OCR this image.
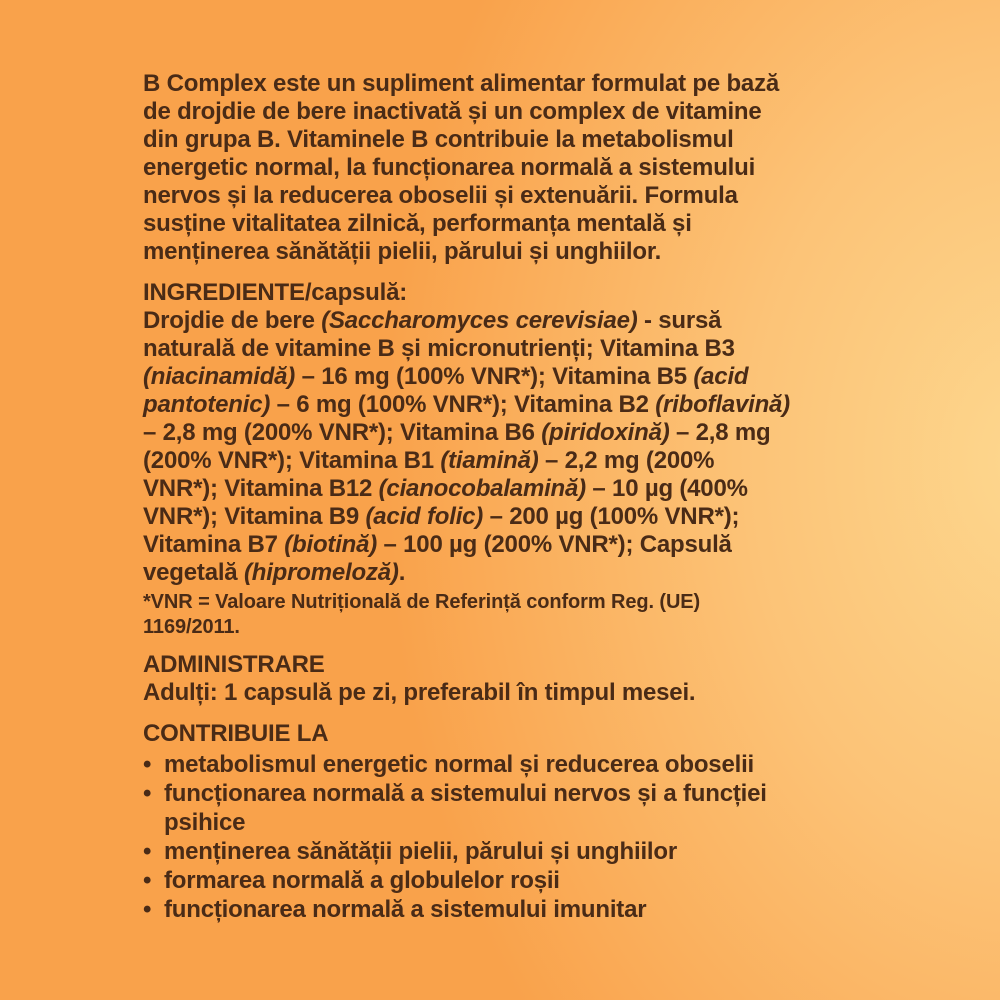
B Complex este un supliment alimentar formulat pe bază de drojdie de bere inactivată și un complex de vitamine din grupa B. Vitaminele B contribuie la metabolismul energetic normal, la funcționarea normală a sistemului nervos și la reducerea oboselii și extenuării. Formula susține vitalitatea zilnică, performanța mentală și menținerea sănătății pielii, părului și unghiilor.

INGREDIENTE/capsulă:

Drojdie de bere (Saccharomyces cerevisiae) - sursă naturală de vitamine B și micronutrienți; Vitamina B3 (niacinamidă) – 16 mg (100% VNR*); Vitamina B5 (acid pantotenic) – 6 mg (100% VNR*); Vitamina B2 (riboflavină) – 2,8 mg (200% VNR*); Vitamina B6 (piridoxină) – 2,8 mg (200% VNR*); Vitamina B1 (tiamină) – 2,2 mg (200% VNR*); Vitamina B12 (cianocobalamină) – 10 µg (400% VNR*); Vitamina B9 (acid folic) – 200 µg (100% VNR*); Vitamina B7 (biotină) – 100 µg (200% VNR*); Capsulă vegetală (hipromeloză).

*VNR = Valoare Nutrițională de Referință conform Reg. (UE) 1169/2011.

ADMINISTRARE

Adulți: 1 capsulă pe zi, preferabil în timpul mesei.

CONTRIBUIE LA
• metabolismul energetic normal și reducerea oboselii
• funcționarea normală a sistemului nervos și a funcției psihice
• menținerea sănătății pielii, părului și unghiilor
• formarea normală a globulelor roșii
• funcționarea normală a sistemului imunitar
